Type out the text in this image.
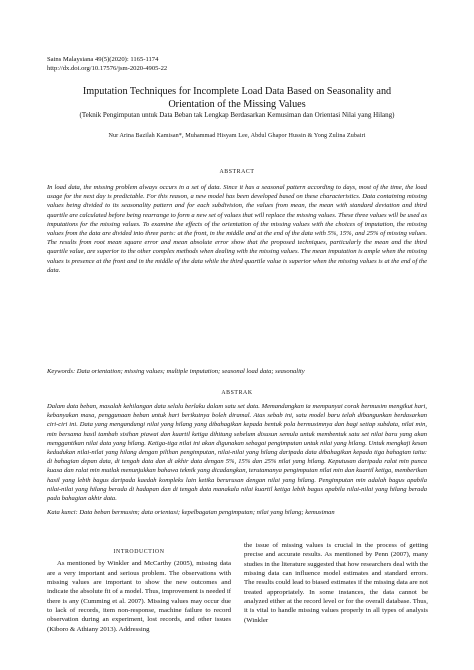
Sains Malaysiana 49(5)(2020): 1165-1174
http://dx.doi.org/10.17576/jsm-2020-4905-22
Imputation Techniques for Incomplete Load Data Based on Seasonality and
Orientation of the Missing Values
(Teknik Pengimputan untuk Data Beban tak Lengkap Berdasarkan Kemusiman dan Orientasi Nilai yang Hilang)
Nur Arina Bazilah Kamisan*, Muhammad Hisyam Lee, Abdul Ghapor Hussin & Yong Zulina Zubairi
ABSTRACT
In load data, the missing problem always occurs in a set of data. Since it has a seasonal pattern according to days, most of the time, the load usage for the next day is predictable. For this reason, a new model has been developed based on these characteristics. Data containing missing values being divided to its seasonality pattern and for each subdivision, the values from mean, the mean with standard deviation and third quartile are calculated before being rearrange to form a new set of values that will replace the missing values. These three values will be used as imputations for the missing values. To examine the effects of the orientation of the missing values with the choices of imputation, the missing values from the data are divided into three parts: at the front, in the middle and at the end of the data with 5%, 15%, and 25% of missing values. The results from root mean square error and mean absolute error show that the proposed techniques, particularly the mean and the third quartile value, are superior to the other complex methods when dealing with the missing values. The mean imputation is ample when the missing values is presence at the front and in the middle of the data while the third quartile value is superior when the missing values is at the end of the data.
Keywords: Data orientation; missing values; multiple imputation; seasonal load data; seasonality
ABSTRAK
Dalam data beban, masalah kehilangan data selalu berlaku dalam satu set data. Memandangkan ia mempunyai corak bermusim mengikut hari, kebanyakan masa, penggunaan beban untuk hari berikutnya boleh diramal. Atas sebab ini, satu model baru telah dibangunkan berdasarkan ciri-ciri ini. Data yang mengandungi nilai yang hilang yang dibahagikan kepada bentuk pola bermusimnya dan bagi setiap subdata, nilai min, min bersama hasil tambah sisihan piawai dan kuartil ketiga dihitung sebelum disusun semula untuk membentuk satu set nilai baru yang akan menggantikan nilai data yang hilang. Ketiga-tiga nilai ini akan digunakan sebagai pengimputan untuk nilai yang hilang. Untuk mengkaji kesan kedudukan nilai-nilai yang hilang dengan pilihan pengimputan, nilai-nilai yang hilang daripada data dibahagikan kepada tiga bahagian iaitu: di bahagian depan data, di tengah data dan di akhir data dengan 5%, 15% dan 25% nilai yang hilang. Keputusan daripada ralat min punca kuasa dan ralat min mutlak menunjukkan bahawa teknik yang dicadangkan, terutamanya pengimputan nilai min dan kuartil ketiga, memberikan hasil yang lebih bagus daripada kaedah kompleks lain ketika berurusan dengan nilai yang hilang. Pengimputan min adalah bagus apabila nilai-nilai yang hilang berada di hadapan dan di tengah data manakala nilai kuartil ketiga lebih bagus apabila nilai-nilai yang hilang berada pada bahagian akhir data.
Kata kunci: Data beban bermusim; data orientasi; kepelbagaian pengimputan; nilai yang hilang; kemusiman
INTRODUCTION
As mentioned by Winkler and McCarthy (2005), missing data are a very important and serious problem. The observations with missing values are important to show the new outcomes and indicate the absolute fit of a model. Thus, improvement is needed if there is any (Cumming et al. 2007). Missing values may occur due to lack of records, item non-response, machine failure to record observation during an experiment, lost records, and other issues (Kiboro & Athiany 2013). Addressing
the issue of missing values is crucial in the process of getting precise and accurate results. As mentioned by Penn (2007), many studies in the literature suggested that how researchers deal with the missing data can influence model estimates and standard errors. The results could lead to biased estimates if the missing data are not treated appropriately. In some instances, the data cannot be analyzed either at the record level or for the overall database. Thus, it is vital to handle missing values properly in all types of analysis (Winkler
